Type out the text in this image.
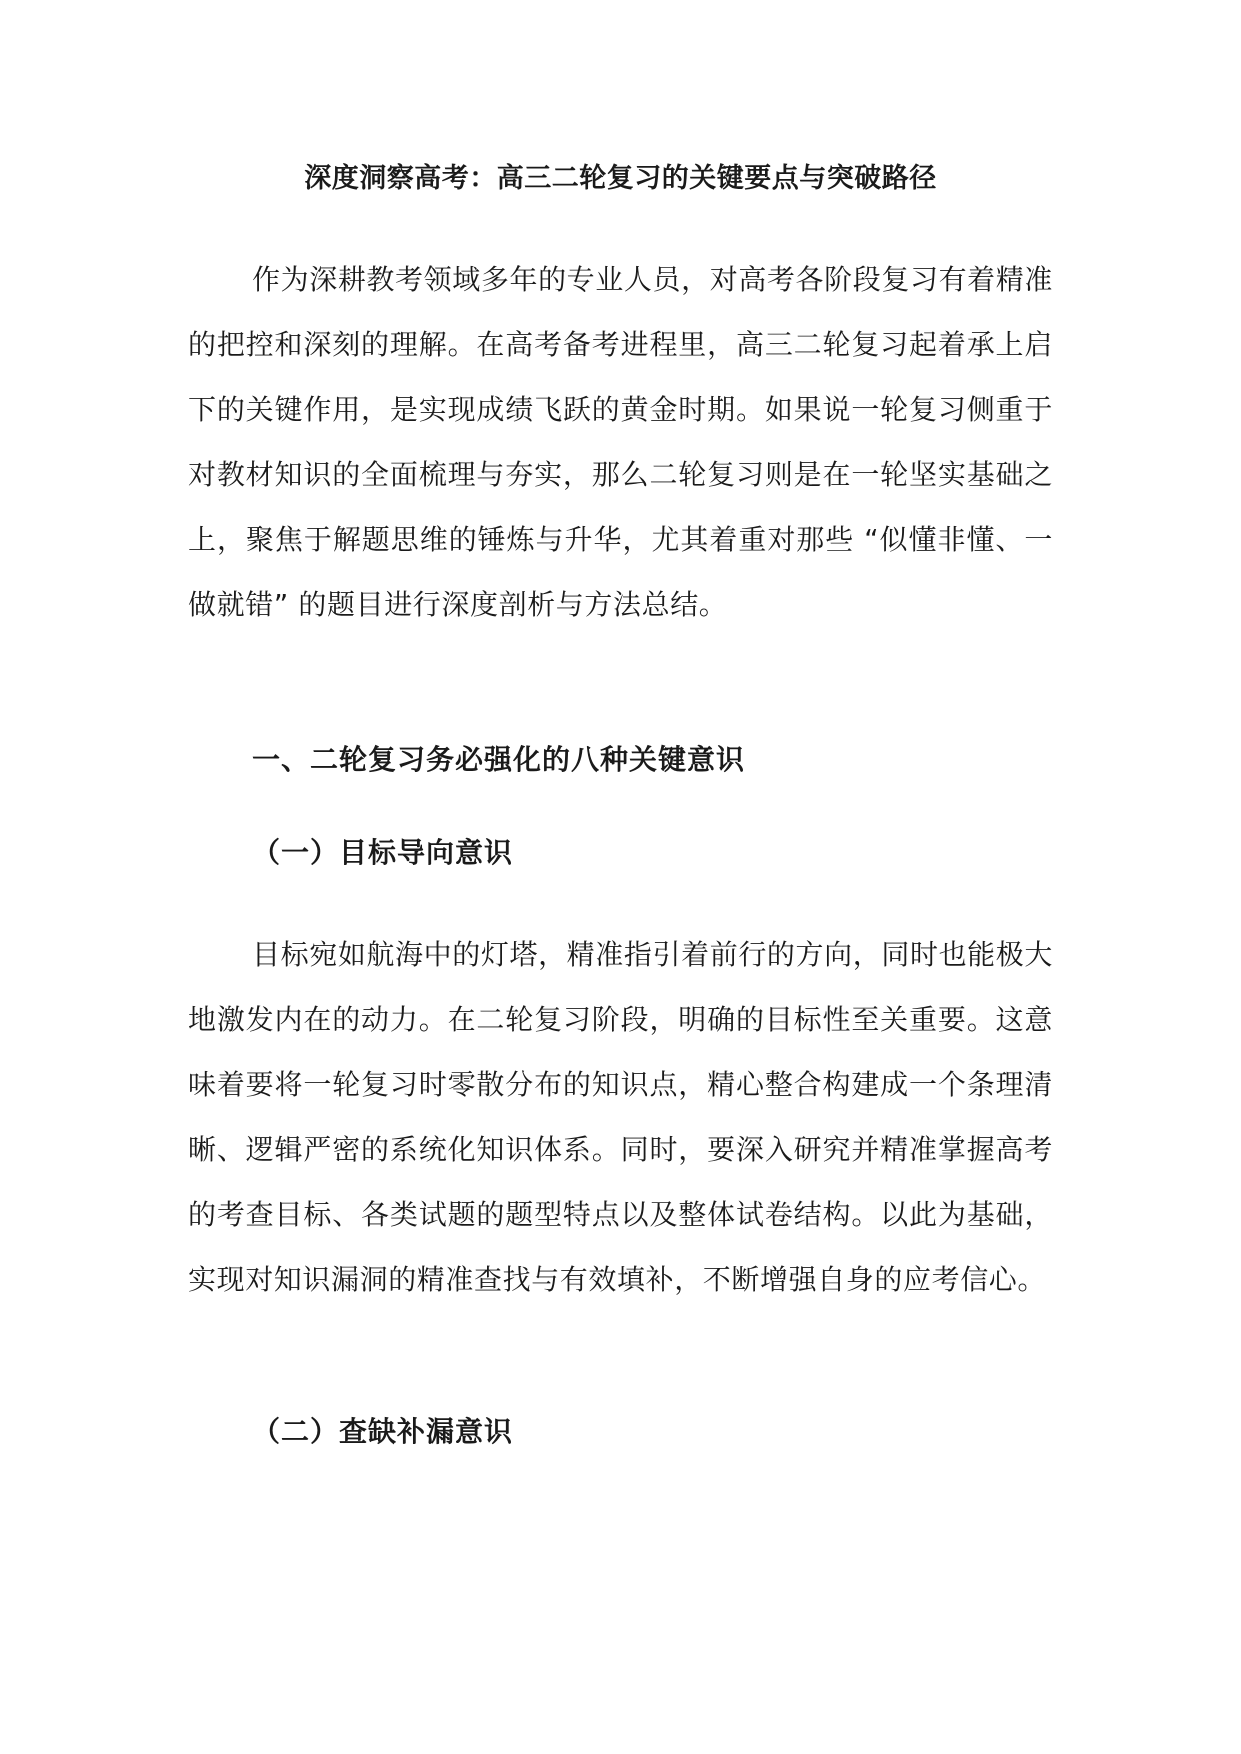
深度洞察高考：高三二轮复习的关键要点与突破路径

作为深耕教考领域多年的专业人员，对高考各阶段复习有着精准的把控和深刻的理解。在高考备考进程里，高三二轮复习起着承上启下的关键作用，是实现成绩飞跃的黄金时期。如果说一轮复习侧重于对教材知识的全面梳理与夯实，那么二轮复习则是在一轮坚实基础之上，聚焦于解题思维的锤炼与升华，尤其着重对那些 “似懂非懂、一做就错” 的题目进行深度剖析与方法总结。

一、二轮复习务必强化的八种关键意识
（一）目标导向意识

目标宛如航海中的灯塔，精准指引着前行的方向，同时也能极大地激发内在的动力。在二轮复习阶段，明确的目标性至关重要。这意味着要将一轮复习时零散分布的知识点，精心整合构建成一个条理清晰、逻辑严密的系统化知识体系。同时，要深入研究并精准掌握高考的考查目标、各类试题的题型特点以及整体试卷结构。以此为基础，实现对知识漏洞的精准查找与有效填补，不断增强自身的应考信心。

（二）查缺补漏意识
